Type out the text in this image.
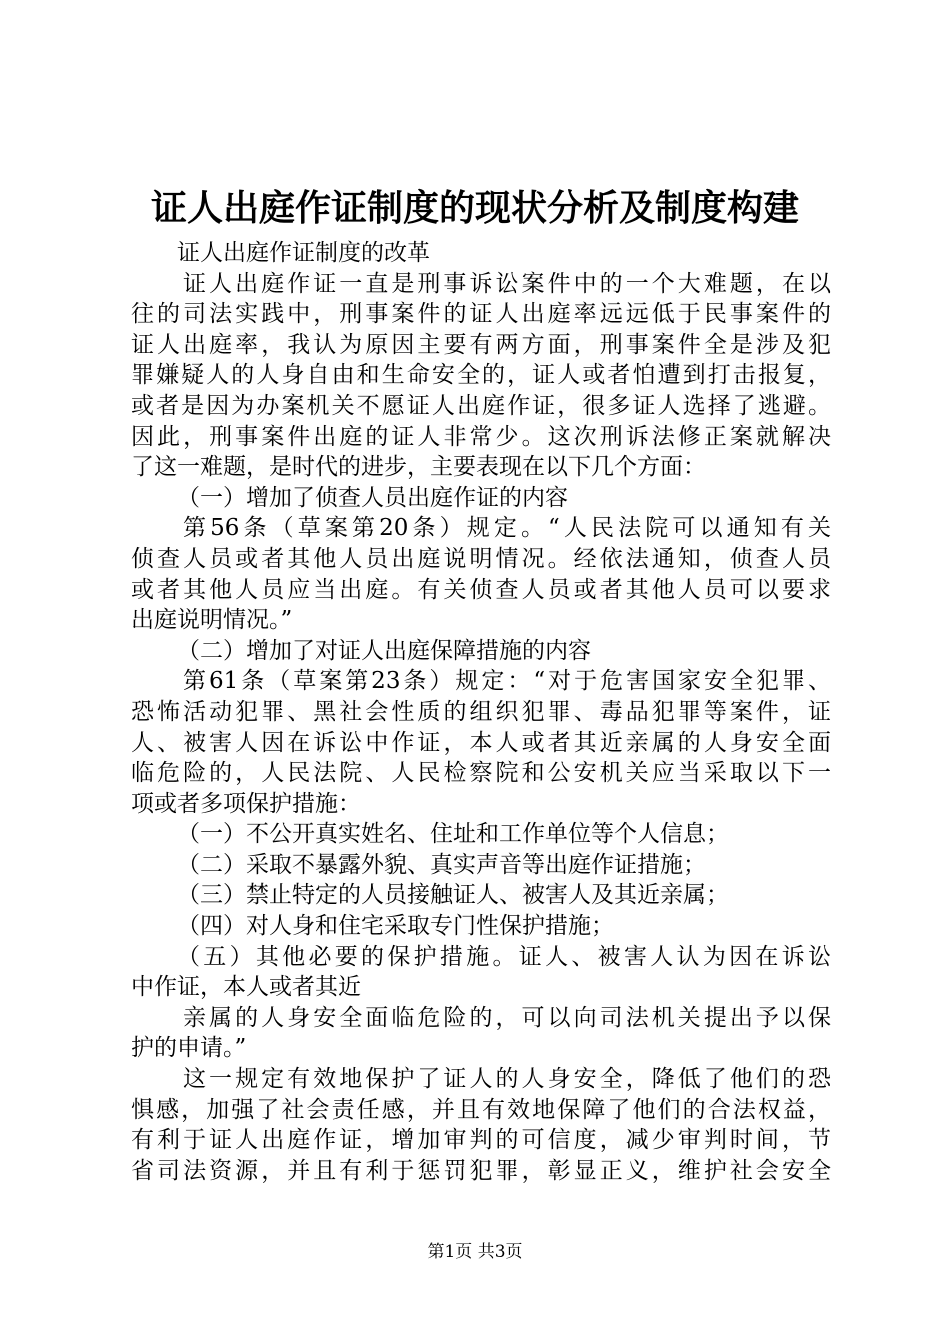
证人出庭作证制度的现状分析及制度构建
证人出庭作证制度的改革
证人出庭作证一直是刑事诉讼案件中的一个大难题，在以
往的司法实践中，刑事案件的证人出庭率远远低于民事案件的
证人出庭率，我认为原因主要有两方面，刑事案件全是涉及犯
罪嫌疑人的人身自由和生命安全的，证人或者怕遭到打击报复，
或者是因为办案机关不愿证人出庭作证，很多证人选择了逃避。
因此，刑事案件出庭的证人非常少。这次刑诉法修正案就解决
了这一难题，是时代的进步，主要表现在以下几个方面：
（一）增加了侦查人员出庭作证的内容
第56条（草案第20条）规定。“人民法院可以通知有关
侦查人员或者其他人员出庭说明情况。经依法通知，侦查人员
或者其他人员应当出庭。有关侦查人员或者其他人员可以要求
出庭说明情况。”
（二）增加了对证人出庭保障措施的内容
第61条（草案第23条）规定：“对于危害国家安全犯罪、
恐怖活动犯罪、黑社会性质的组织犯罪、毒品犯罪等案件，证
人、被害人因在诉讼中作证，本人或者其近亲属的人身安全面
临危险的，人民法院、人民检察院和公安机关应当采取以下一
项或者多项保护措施：
（一）不公开真实姓名、住址和工作单位等个人信息；
（二）采取不暴露外貌、真实声音等出庭作证措施；
（三）禁止特定的人员接触证人、被害人及其近亲属；
（四）对人身和住宅采取专门性保护措施；
（五）其他必要的保护措施。证人、被害人认为因在诉讼
中作证，本人或者其近
亲属的人身安全面临危险的，可以向司法机关提出予以保
护的申请。”
这一规定有效地保护了证人的人身安全，降低了他们的恐
惧感，加强了社会责任感，并且有效地保障了他们的合法权益，
有利于证人出庭作证，增加审判的可信度，减少审判时间，节
省司法资源，并且有利于惩罚犯罪，彰显正义，维护社会安全
第1页 共3页
